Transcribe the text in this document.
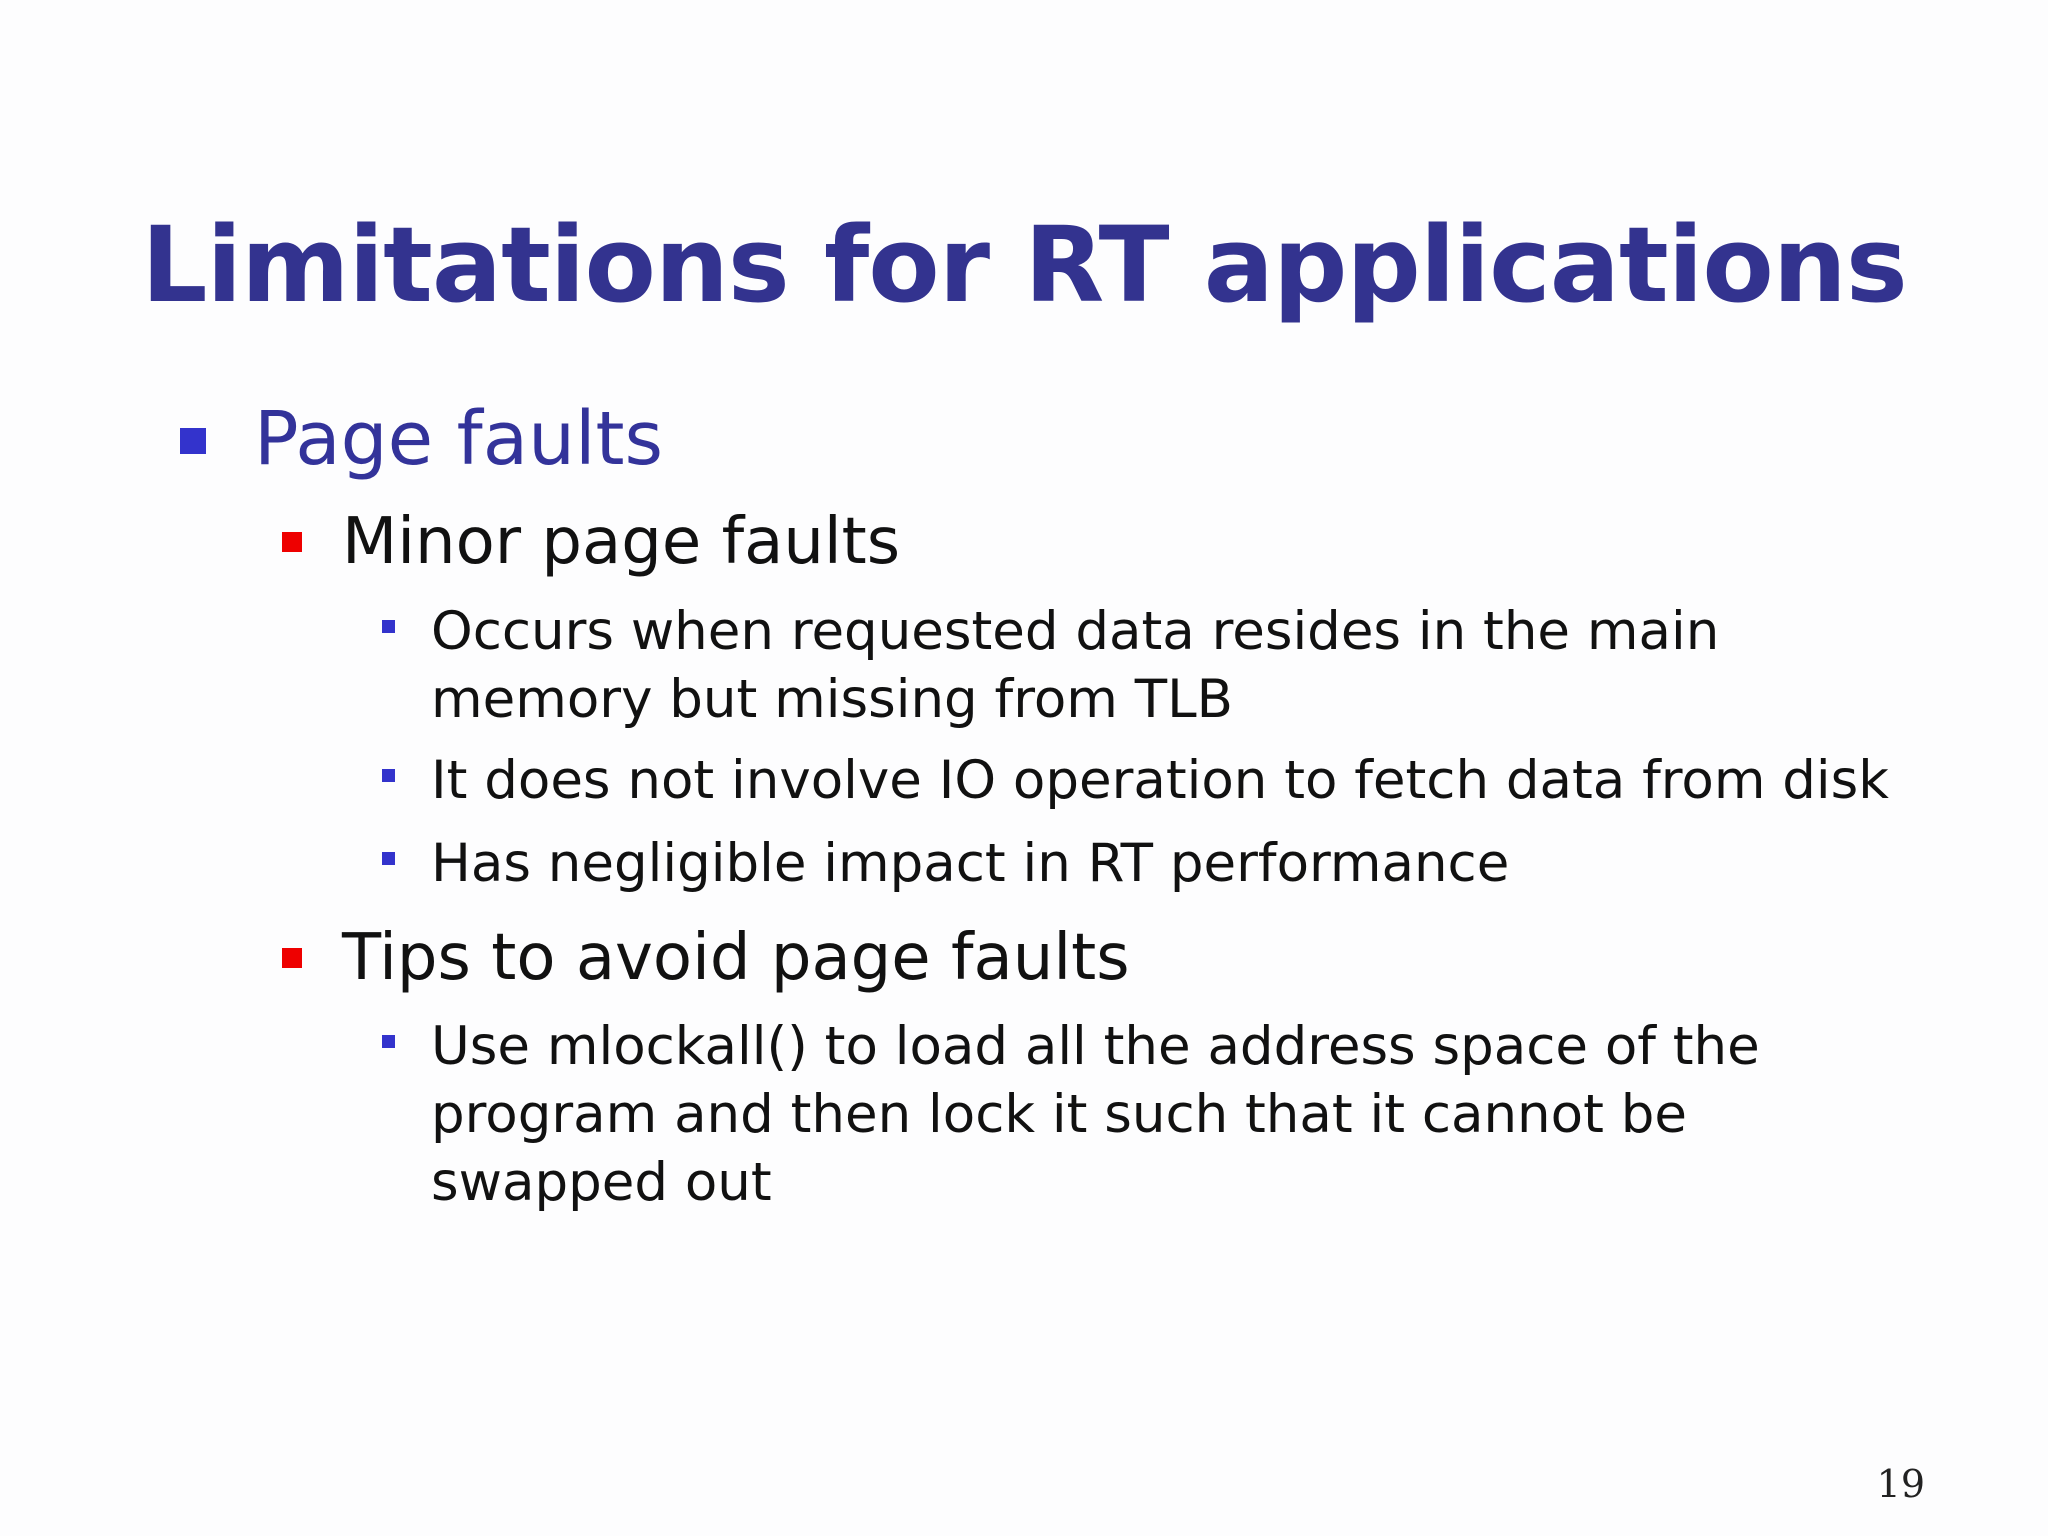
Limitations for RT applications
Page faults
Minor page faults
Occurs when requested data resides in the main memory but missing from TLB
It does not involve IO operation to fetch data from disk
Has negligible impact in RT performance
Tips to avoid page faults
Use mlockall() to load all the address space of the program and then lock it such that it cannot be swapped out
19
